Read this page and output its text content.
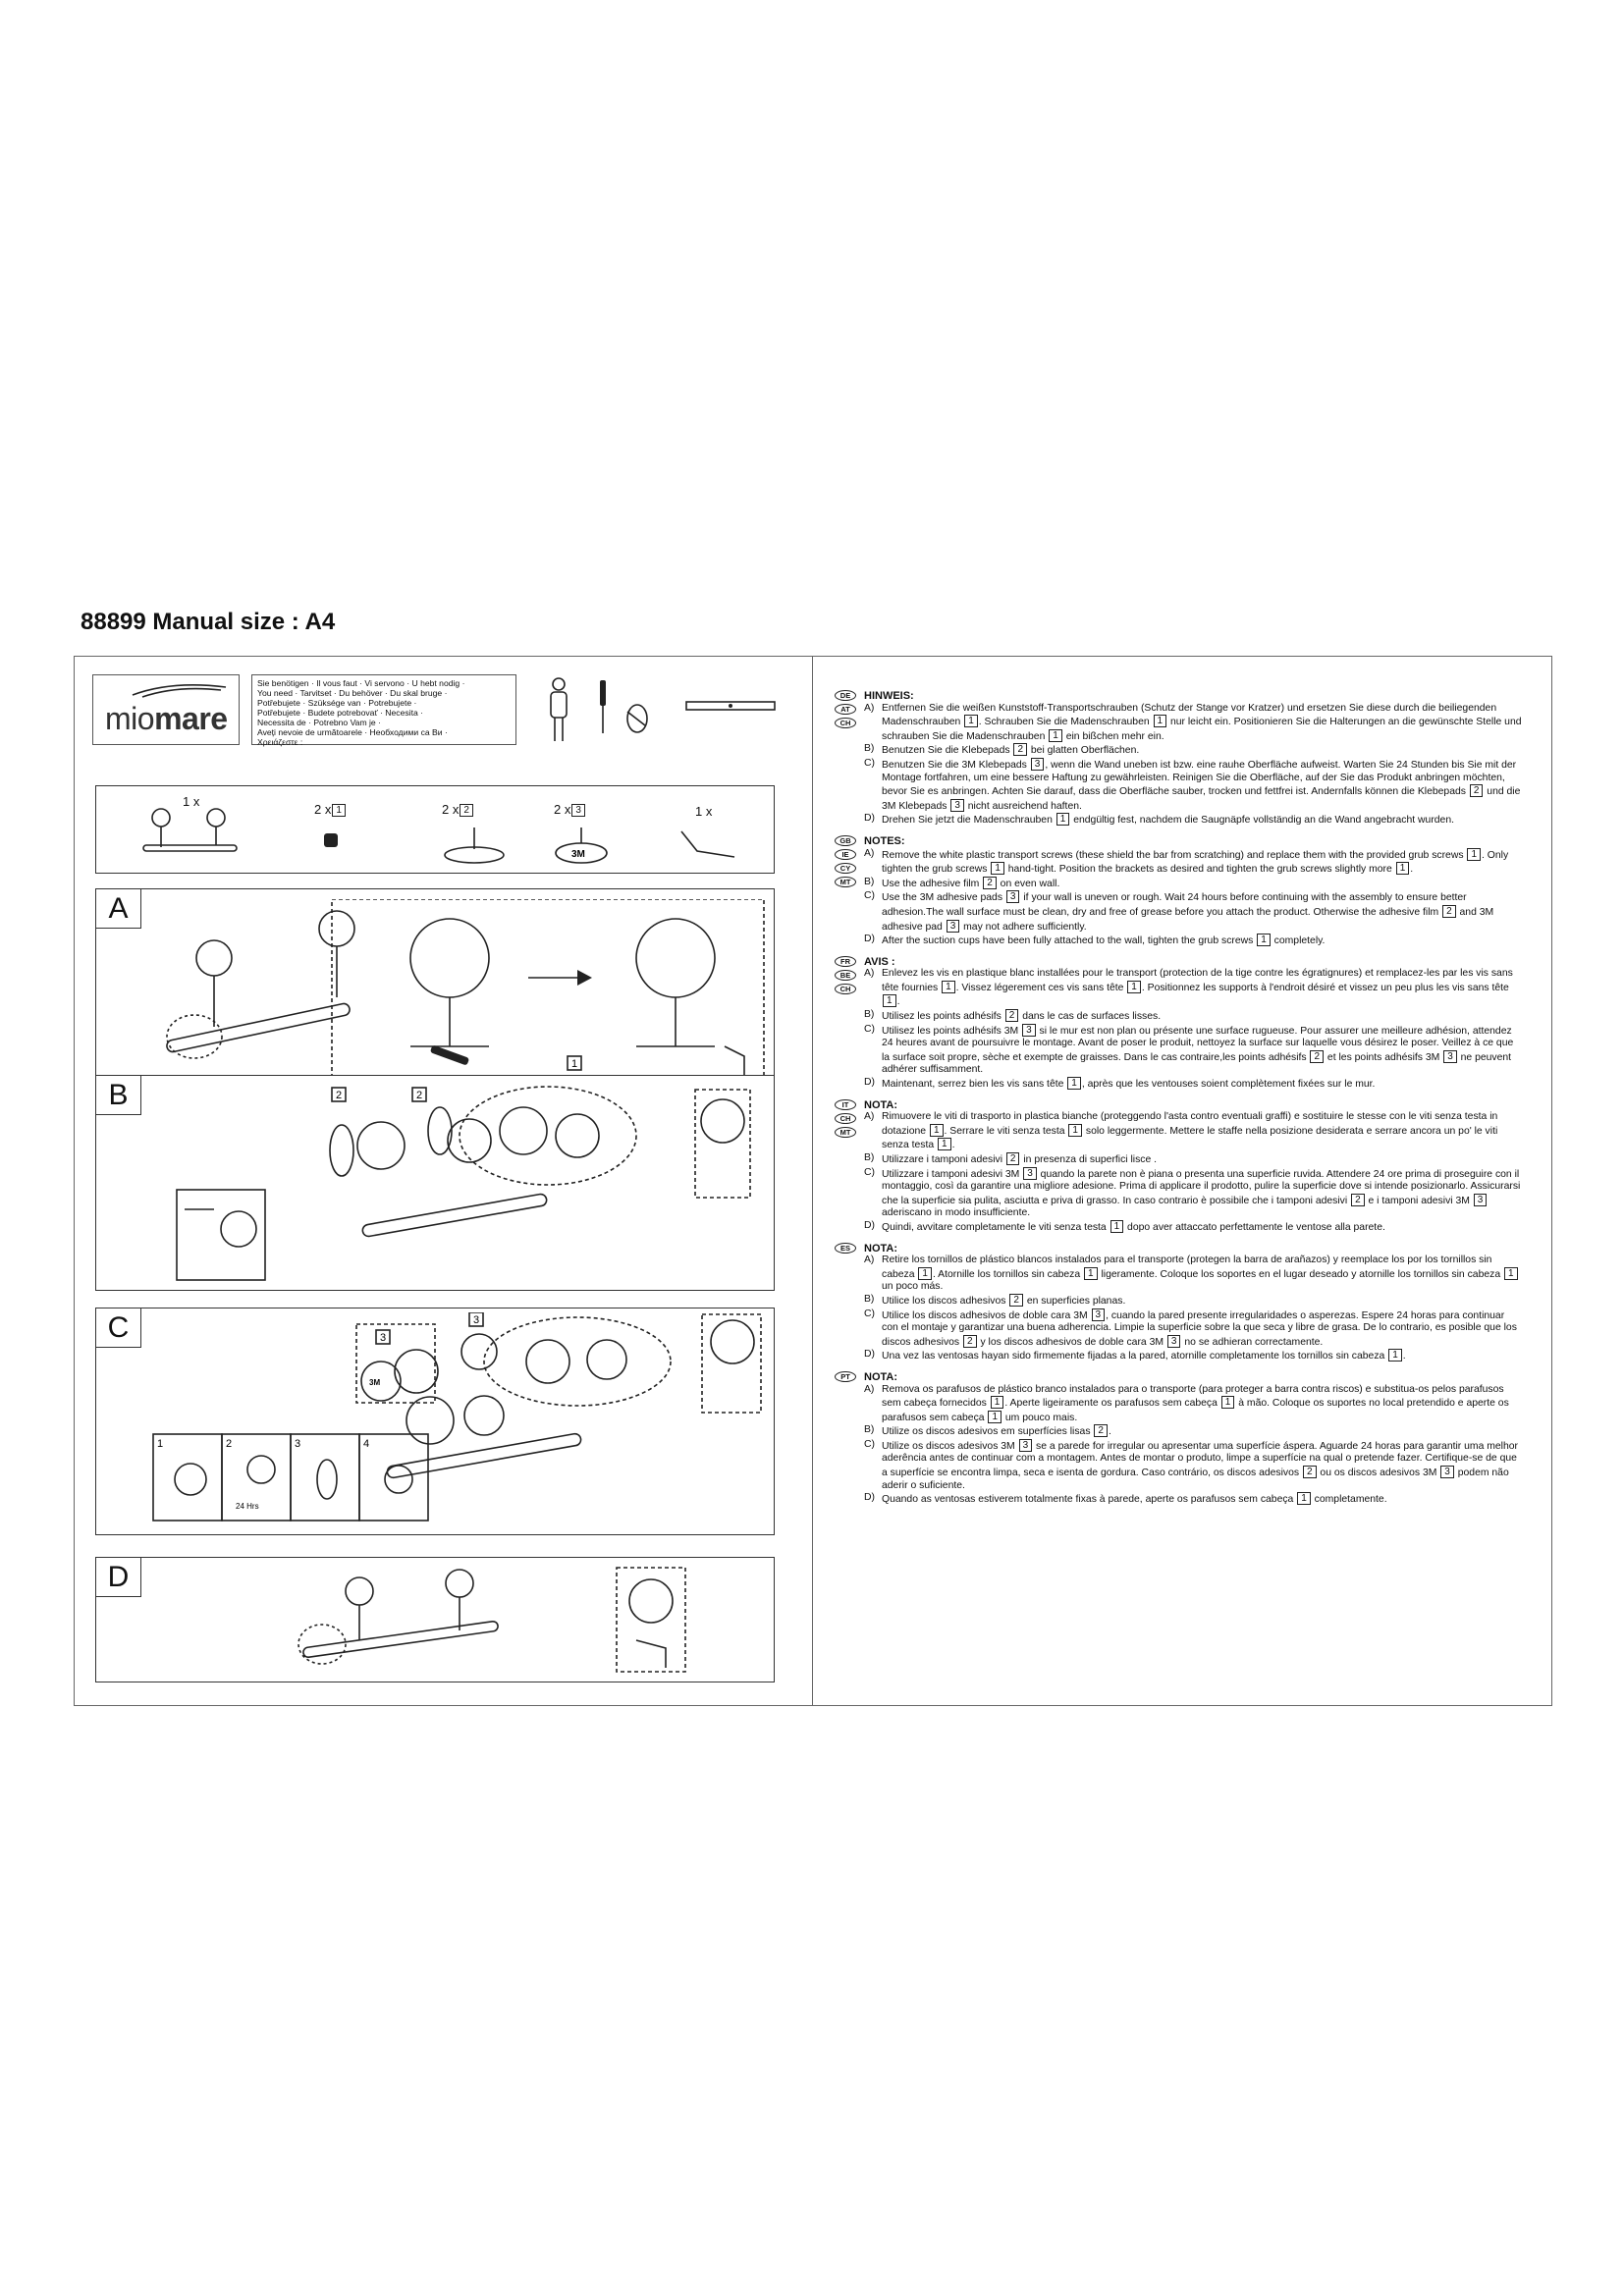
88899 Manual size : A4
miomare
Sie benötigen · Il vous faut · Vi servono · U hebt nodig ·
You need · Tarvitset · Du behöver · Du skal bruge ·
Potřebujete · Szüksége van · Potrebujete ·
Potřebujete · Budete potrebovať · Necesita ·
Necessita de · Potrebno Vam je ·
Aveți nevoie de următoarele · Необходими са Ви ·
Χρειάζεστε :
1 x
2 x 1	2 x 2	2 x 3
3M
1 x
A
1
B	2	2
C	3
3M
3
1	2	3	4
24 Hrs
D
DE
AT
CH
HINWEIS:
A) Entfernen Sie die weißen Kunststoff-Transportschrauben (Schutz der Stange vor Kratzer) und ersetzen Sie diese durch die beiliegenden Madenschrauben 1 . Schrauben Sie die Madenschrauben 1 nur leicht ein. Positionieren Sie die Halterungen an die gewünschte Stelle und schrauben Sie die Madenschrauben 1 ein bißchen mehr ein.
B) Benutzen Sie die Klebepads 2 bei glatten Oberflächen.
C) Benutzen Sie die 3M Klebepads 3 , wenn die Wand uneben ist bzw. eine rauhe Oberfläche aufweist. Warten Sie 24 Stunden bis Sie mit der Montage fortfahren, um eine bessere Haftung zu gewährleisten. Reinigen Sie die Oberfläche, auf der Sie das Produkt anbringen möchten, bevor Sie es anbringen. Achten Sie darauf, dass die Oberfläche sauber, trocken und fettfrei ist. Andernfalls können die Klebepads 2 und die 3M Klebepads 3 nicht ausreichend haften.
D) Drehen Sie jetzt die Madenschrauben 1 endgültig fest, nachdem die Saugnäpfe vollständig an die Wand angebracht wurden.
GB
IE
CY
MT
NOTES:
A) Remove the white plastic transport screws (these shield the bar from scratching) and replace them with the provided grub screws 1 . Only tighten the grub screws 1 hand-tight. Position the brackets as desired and tighten the grub screws slightly more 1 .
B) Use the adhesive film 2 on even wall.
C) Use the 3M adhesive pads 3 if your wall is uneven or rough. Wait 24 hours before continuing with the assembly to ensure better adhesion.The wall surface must be clean, dry and free of grease before you attach the product. Otherwise the adhesive film 2 and 3M adhesive pad 3 may not adhere sufficiently.
D) After the suction cups have been fully attached to the wall, tighten the grub screws 1 completely.
FR
BE
CH
AVIS :
A) Enlevez les vis en plastique blanc installées pour le transport (protection de la tige contre les égratignures) et remplacez-les par les vis sans tête fournies 1 . Vissez légerement ces vis sans tête 1 . Positionnez les supports à l'endroit désiré et vissez un peu plus les vis sans tête 1 .
B) Utilisez les points adhésifs 2 dans le cas de surfaces lisses.
C) Utilisez les points adhésifs 3M 3 si le mur est non plan ou présente une surface rugueuse. Pour assurer une meilleure adhésion, attendez 24 heures avant de poursuivre le montage. Avant de poser le produit, nettoyez la surface sur laquelle vous désirez le poser. Veillez à ce que la surface soit propre, sèche et exempte de graisses. Dans le cas contraire,les points adhésifs 2 et les points adhésifs 3M 3 ne peuvent adhérer suffisamment.
D) Maintenant, serrez bien les vis sans tête 1 , après que les ventouses soient complètement fixées sur le mur.
IT
CH
MT
NOTA:
A) Rimuovere le viti di trasporto in plastica bianche (proteggendo l'asta contro eventuali graffi) e sostituire le stesse con le viti senza testa in dotazione 1 . Serrare le viti senza testa 1 solo leggermente. Mettere le staffe nella posizione desiderata e serrare ancora un po' le viti senza testa 1 .
B) Utilizzare i tamponi adesivi 2 in presenza di superfici lisce .
C) Utilizzare i tamponi adesivi 3M 3 quando la parete non è piana o presenta una superficie ruvida. Attendere 24 ore prima di proseguire con il montaggio, così da garantire una migliore adesione. Prima di applicare il prodotto, pulire la superficie dove si intende posizionarlo. Assicurarsi che la superficie sia pulita, asciutta e priva di grasso. In caso contrario è possibile che i tamponi adesivi 2 e i tamponi adesivi 3M 3 aderiscano in modo insufficiente.
D) Quindi, avvitare completamente le viti senza testa 1 dopo aver attaccato perfettamente le ventose alla parete.
ES	NOTA:
A) Retire los tornillos de plástico blancos instalados para el transporte (protegen la barra de arañazos) y reemplace los por los tornillos sin cabeza 1 . Atornille los tornillos sin cabeza 1 ligeramente. Coloque los soportes en el lugar deseado y atornille los tornillos sin cabeza 1 un poco más.
B) Utilice los discos adhesivos 2 en superficies planas.
C) Utilice los discos adhesivos de doble cara 3M 3 , cuando la pared presente irregularidades o asperezas. Espere 24 horas para continuar con el montaje y garantizar una buena adherencia. Limpie la superficie sobre la que seca y libre de grasa. De lo contrario, es posible que los discos adhesivos 2 y los discos adhesivos de doble cara 3M 3 no se adhieran correctamente.
D) Una vez las ventosas hayan sido firmemente fijadas a la pared, atornille completamente los tornillos sin cabeza 1 .
PT	NOTA:
A) Remova os parafusos de plástico branco instalados para o transporte (para proteger a barra contra riscos) e substitua-os pelos parafusos sem cabeça fornecidos 1 . Aperte ligeiramente os parafusos sem cabeça 1 à mão. Coloque os suportes no local pretendido e aperte os parafusos sem cabeça 1 um pouco mais.
B) Utilize os discos adesivos em superfícies lisas 2 .
C) Utilize os discos adesivos 3M 3 se a parede for irregular ou apresentar uma superfície áspera. Aguarde 24 horas para garantir uma melhor aderência antes de continuar com a montagem. Antes de montar o produto, limpe a superfície na qual o pretende fazer. Certifique-se de que a superfície se encontra limpa, seca e isenta de gordura. Caso contrário, os discos adesivos 2 ou os discos adesivos 3M 3 podem não aderir o suficiente.
D) Quando as ventosas estiverem totalmente fixas à parede, aperte os parafusos sem cabeça 1 completamente.
